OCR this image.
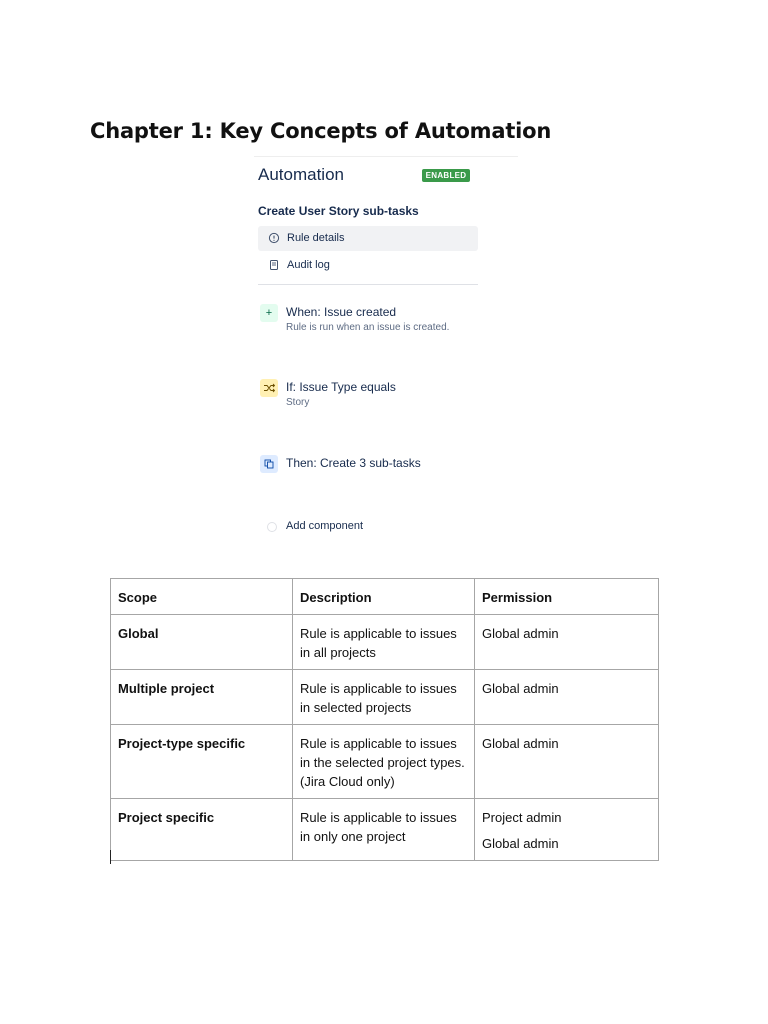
Chapter 1: Key Concepts of Automation
Automation	ENABLED
Create User Story sub-tasks
Rule details
Audit log
+	When: Issue created
Rule is run when an issue is created.
If: Issue Type equals
Story
Then: Create 3 sub-tasks
Add component
Scope	Description	Permission
Global	Rule is applicable to issues in all projects	Global admin

Multiple project	Rule is applicable to issues in selected projects	Global admin

Project-type specific	Rule is applicable to issues in the selected project types. (Jira Cloud only)	Global admin

Project specific	Rule is applicable to issues in only one project	Project admin
Global admin
